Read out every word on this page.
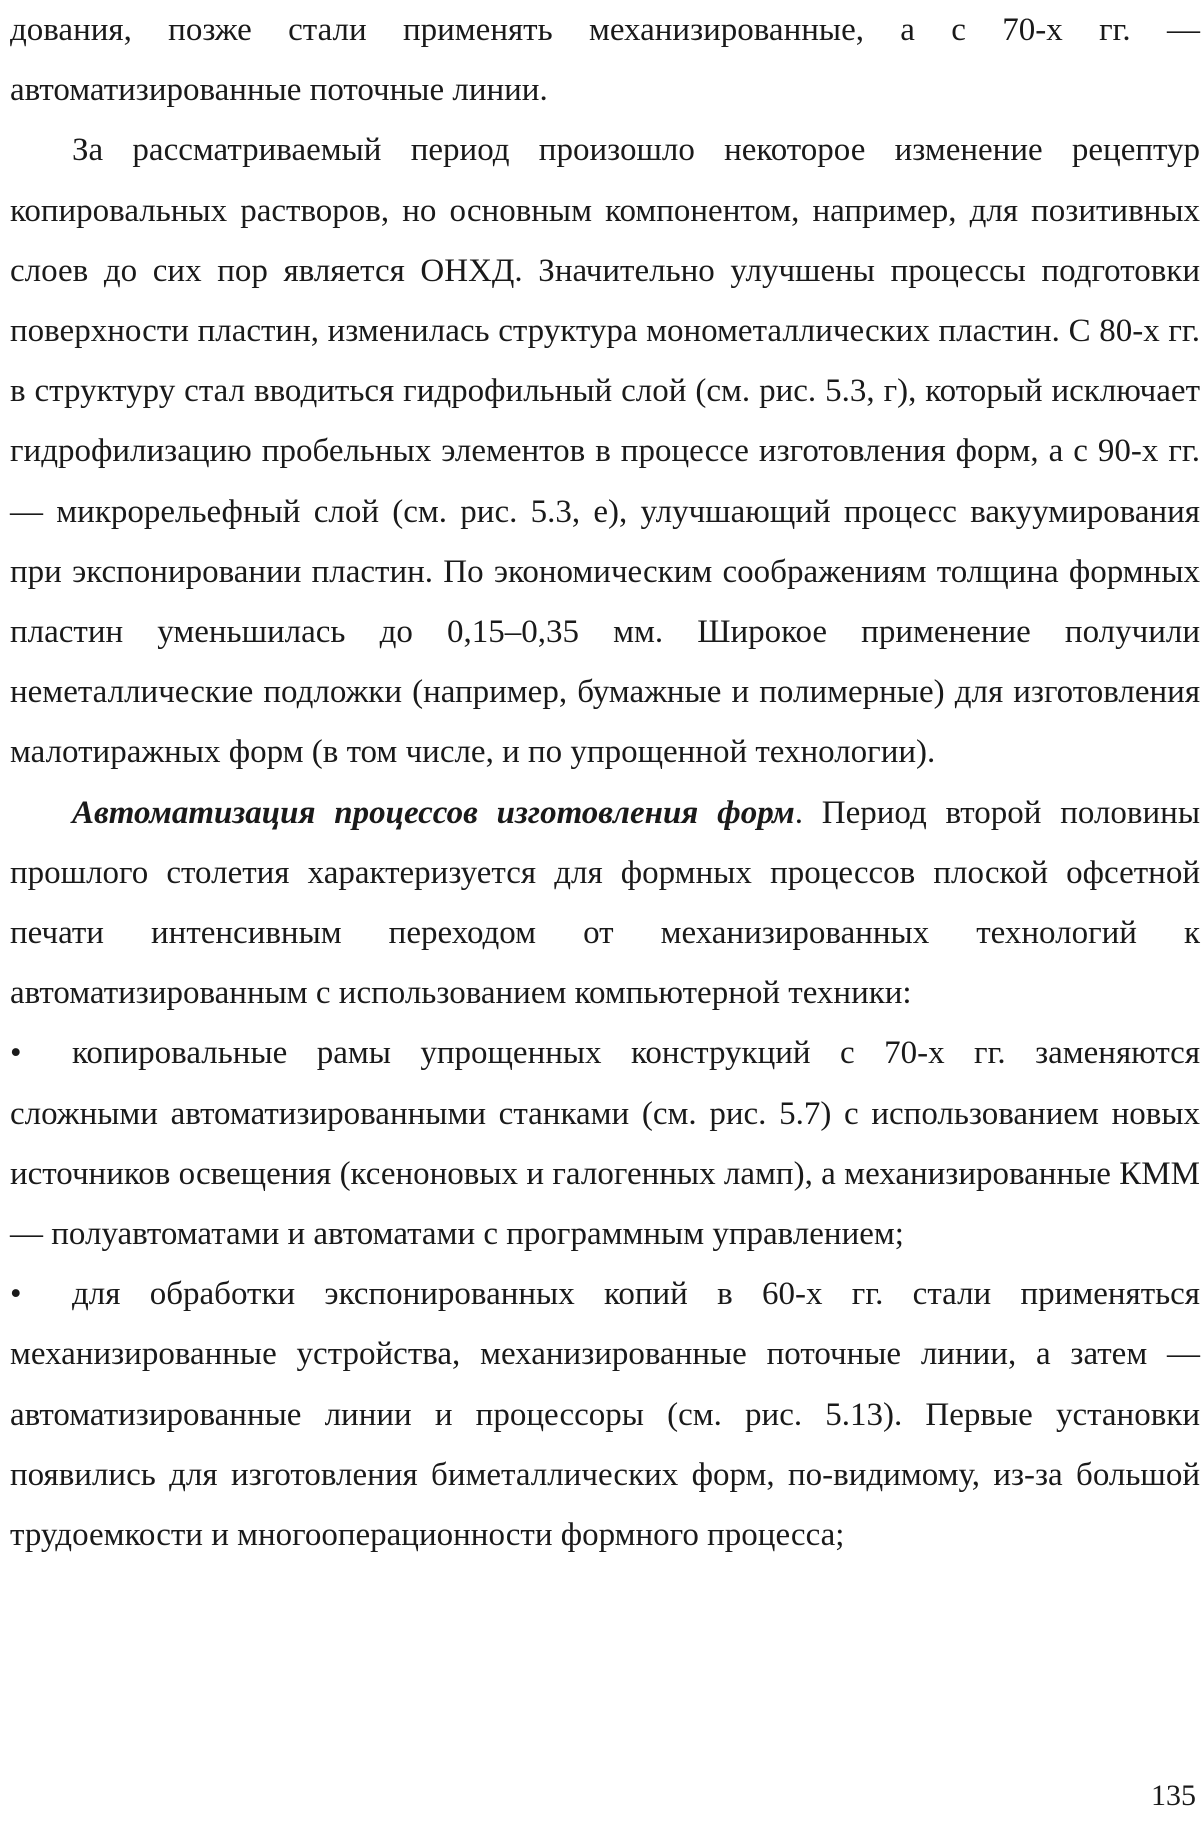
дования, позже стали применять механизированные, а с 70-х гг. — автоматизированные поточные линии.

За рассматриваемый период произошло некоторое изменение рецептур копировальных растворов, но основным компонентом, например, для позитивных слоев до сих пор является ОНХД. Значительно улучшены процессы подготовки поверхности пластин, изменилась структура монометаллических пластин. С 80-х гг. в структуру стал вводиться гидрофильный слой (см. рис. 5.3, г), который исключает гидрофилизацию пробельных элементов в процессе изготовления форм, а с 90-х гг. — микрорельефный слой (см. рис. 5.3, е), улучшающий процесс вакуумирования при экспонировании пластин. По экономическим соображениям толщина формных пластин уменьшилась до 0,15–0,35 мм. Широкое применение получили неметаллические подложки (например, бумажные и полимерные) для изготовления малотиражных форм (в том числе, и по упрощенной технологии).

Автоматизация процессов изготовления форм. Период второй половины прошлого столетия характеризуется для формных процессов плоской офсетной печати интенсивным переходом от механизированных технологий к автоматизированным с использованием компьютерной техники:

• копировальные рамы упрощенных конструкций с 70-х гг. заменяются сложными автоматизированными станками (см. рис. 5.7) с использованием новых источников освещения (ксеноновых и галогенных ламп), а механизированные КММ — полуавтоматами и автоматами с программным управлением;

• для обработки экспонированных копий в 60-х гг. стали применяться механизированные устройства, механизированные поточные линии, а затем — автоматизированные линии и процессоры (см. рис. 5.13). Первые установки появились для изготовления биметаллических форм, по-видимому, из-за большой трудоемкости и многооперационности формного процесса;

135
